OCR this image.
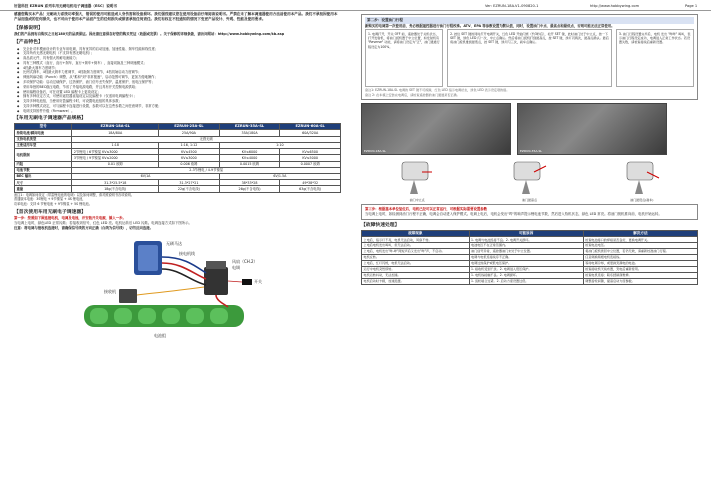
好盈科技 EZRUN 系列车用无刷电机电子调速器（ESC）说明书	Ver: EZRUN-18A-V1-090820-1	http://www.hobbywing.com	Page 1
感谢您购买本产品！无刷动力系统功率强大，错误的使用可能造成人身伤害和设备损坏。我们强烈建议您在使用设备前仔细阅读说明书。严禁在未了解本调速器使用方法前使用本产品。我们不承担因使用本产品而造成的任何损失，也不对由于使用本产品而产生的任何损失或损害承担任何责任。我们有权在不经通知的情况下变更产品设计、外观、性能及使用要求。
【保修说明】
我们的产品拥有自购买之日起180天的品质保证。因此请注意保存好您的购买凭证（收据或发票）。关于保修的详细条款，请访问网站：http://www.hobbywing.com/kb.asp
【产品特色】
◆ 完全针对车模而设计的专业车用电调，具有优异的启动加速、加速性能、刹车性能和线性度；
◆ 支持所有无感无刷电机（不支持有感无刷电机）；
◆ 高品质元件，具有强大的耐电流能力；
◆ 具有三种模式（直行，直行+刹车，直行+刹车+倒车），直接切换及三种调速模式；
◆ 4档最大刹车力度调节；
◆ 比例式刹车，4档最大刹车力度调节，4档拖刹力度调节，4档初始启动力度调节；
◆ 伸缩风扇功能（Punch）调整，从"柔和"到"非常极速"，启动范围可调节，更加方便地操作；
◆ 多项保护功能：启动过载保护，过热保护，油门信号丢失保护，温度保护，低电压保护等；
◆ 采用单独的BEC稳压电路，节省了外接电源电路，并且具有开关控制电源供给；
◆ 使用编程设备后，可在设置 LED 编程卡上更改设定；
◆ 拥有多种设定方式，可使用遥控器直接设定以及编程卡（仅适用电调编程卡）；
◆ 支持多种电池组，当使用好盈编程卡时，可设置电池组的具体参数；
◆ 支持多种模式设定，可与编程卡连接进行设置，参数可以在这些参数之间任意调节，非常方便；
◆ 电调支持固件升级（Firmware）。
【车用无刷电子调速器产品规格】
型号	EZRUN-18A-SL	EZRUN-25A-SL	EZRUN-35A-SL	EZRUN-60A-SL
持续电流/瞬间电流	18A/80A	25A/90A	35A/180A	60A/320A
支持电机类型	无感无刷			
主要适用车型	1:18	1:16, 1:12	1:10	
电机限制	2节锂电 / 6节镍氢 KV≤3000	KV≤4500	KV≤6000	KV≤6500
	3节锂电 / 9节镍氢 KV≤2000	KV≤3000	KV≤4000	KV≤5000
内阻	0.01 欧姆	0.006 欧姆	0.0015 欧姆	0.0007 欧姆
电池节数	2-3节锂电 / 4-9节镍氢			
BEC 输出	6V/1A		6V/1.5A	
尺寸	31.3*25.5*18	31.3*27*21	38*33*28	49*38*32
重量	18g(不含电线)	22g(不含电线)	26g(不含电线)	63g(不含电线)
备注1：电调如何设定（带雷锂电池的电调）以及如何调整，请对照说明书各项说明。
普通版本电池：3S锂电 + 9节镍氢 + 4S 锂电池，
功率电池：支持 6 节锂电池 + 9节镍氢 + 5S 锂电池。
【首次使用车用无刷电子调速器】
第一步：按照如下图连接电机，电调及电池，并安装开关电源，插入一步。
当电调上电时，绿色LED 正常闪烁；若接收到信号，红色 LED 亮。电机运转后 LED 闪烁。电调连接方式如下图所示。
注意：将电调与接收机连接时，请确保信号线的方向正确（白线为信号线），切勿反向连接。
无刷马达
接收机
开关
电池组
电调
风扇（CH.2）
接电机线
第二步：设置油门行程
新购买的电调第一次使用前，务必根据遥控器进行油门行程校准。ATV、EPA 等参数设置为默认值，同时，设置油门中点、最高点和最低点，否则可能无法正常使用。
1. 电调打开，开关 OFF 前，遥控器处于关机状态，打开发射机，将油门扳机置于中立位置，如发射机有 "Reverse" 功能，请将油门设定为"正"，油门通道行程设定为100%。
2. 按住 SET 键的同时打开电调开关，红色 LED 开始闪烁（约3秒后），松开 SET 键，此时油门处于中立点，按一下 SET 键，绿色 LED 闪一次，中立点确认。然后将油门扳机打到最高点，按 SET 键，绿灯闪两次，最高点确认。最后将油门扳机推到最低点，按 SET 键，绿灯闪三次，刹车点确认。
3. 油门行程设置完毕后，电机 发出 "哔哔" 鸣叫，表示油门行程设定成功，电调进入正常工作状态。若设置失败，请检查接线后重新设置。
备注1: EZRUN-18A-SL 电调的 SET 键不可拆卸，红色 LED 指示电调状态，绿色 LED 表示设定项的值。
备注 2: 在车模上安装完电调后，请检查遥控器的油门通道是否正确。
EZRUN-18A-SL	EZRUN-35A-SL
油门中立点	油门最高点	油门最低点(刹车)
第三步：根据基本单位复位后，电机已经可以正常运行，可根据实际需要设置参数
当电调上电时，如检测到油门行程不正确，电调会自动进入保护模式。电调上电后，电机会发出"哔"的响声提示锂电池节数，然后进入待机状态，绿色 LED 常亮。将油门扳机推向前，电机开始运转。
【故障快速处理】
故障现象	可能原因	解决方法
上电后，指示灯不亮，电机无法启动，风扇不转。	1. 电调与电池连接不良。2. 电调开关损坏。	检查电池接口的焊接是否良好，更换电调开关。
上电后电机发出鸣叫，但无法启动。	电池电压不在正常范围内。	检查电池电压。
上电后，电机发出"哔-哔"两短声后又发出"哔"声，不启动。	油门信号异常，遥控器油门未处于中立位置。	将油门扳机拨回中立位置，若仍无效，请重新校准油门行程。
电机反转。	电调与电机连接线序不正确。	任意调换两根电机连接线。
上电后，红灯闪烁，电机无法启动。	电调过热保护或低电压保护。	等待电调冷却，或更换充满电的电池。
运行中电机突然停转。	1. 接收机受到干扰。2. 电调进入低压保护。	检查接收机天线布置，充电后重新使用。
电机运转抖动，无法加速。	1. 电机线接触不良。2. 电调损坏。	检查电机连接；联系经销商维修。
电机启动时卡顿，加速迟缓。	1. 齿轮啮合过紧。2. 启动力度设置过低。	调整齿轮间隙，提高启动力度参数。
